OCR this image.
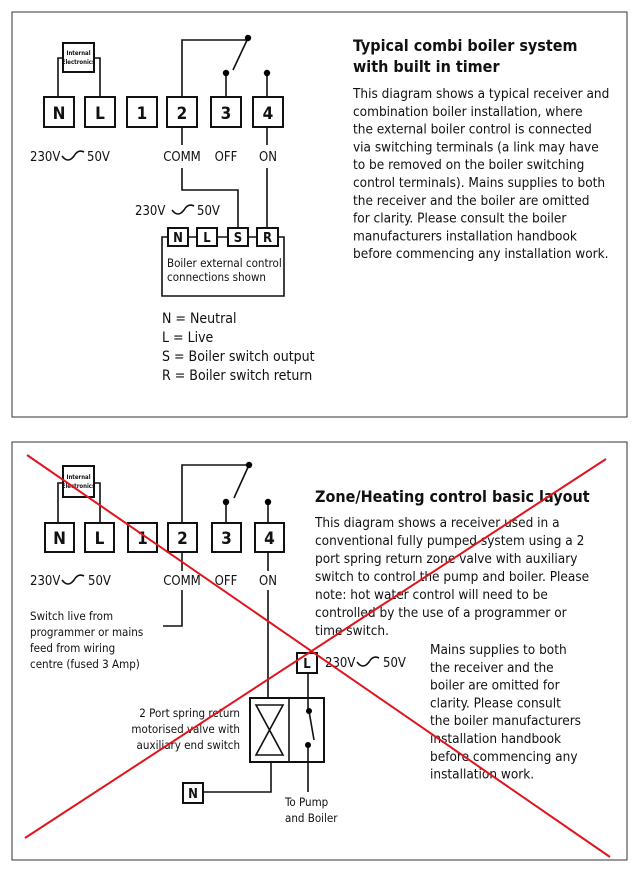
Internal
Electronics
N L 1 2 3 4
230V 50V	COMM OFF ON
230V 50V
N L S R
Boiler external control
connections shown
N = Neutral
L = Live
S = Boiler switch output
R = Boiler switch return
Typical combi boiler system
with built in timer
This diagram shows a typical receiver and
combination boiler installation, where
the external boiler control is connected
via switching terminals (a link may have
to be removed on the boiler switching
control terminals). Mains supplies to both
the receiver and the boiler are omitted
for clarity. Please consult the boiler
manufacturers installation handbook
before commencing any installation work.
Internal
Electronics
N L 1 2 3 4
230V 50V	COMM OFF ON
Switch live from
programmer or mains
feed from wiring
centre (fused 3 Amp)	L
N
230V 50V
2 Port spring return
motorised valve with
auxiliary end switch
To Pump
and Boiler
Zone/Heating control basic layout
This diagram shows a receiver used in a
conventional fully pumped system using a 2
port spring return zone valve with auxiliary
switch to control the pump and boiler. Please
note: hot water control will need to be
controlled by the use of a programmer or
time switch.
Mains supplies to both
the receiver and the
boiler are omitted for
clarity. Please consult
the boiler manufacturers
installation handbook
before commencing any
installation work.
